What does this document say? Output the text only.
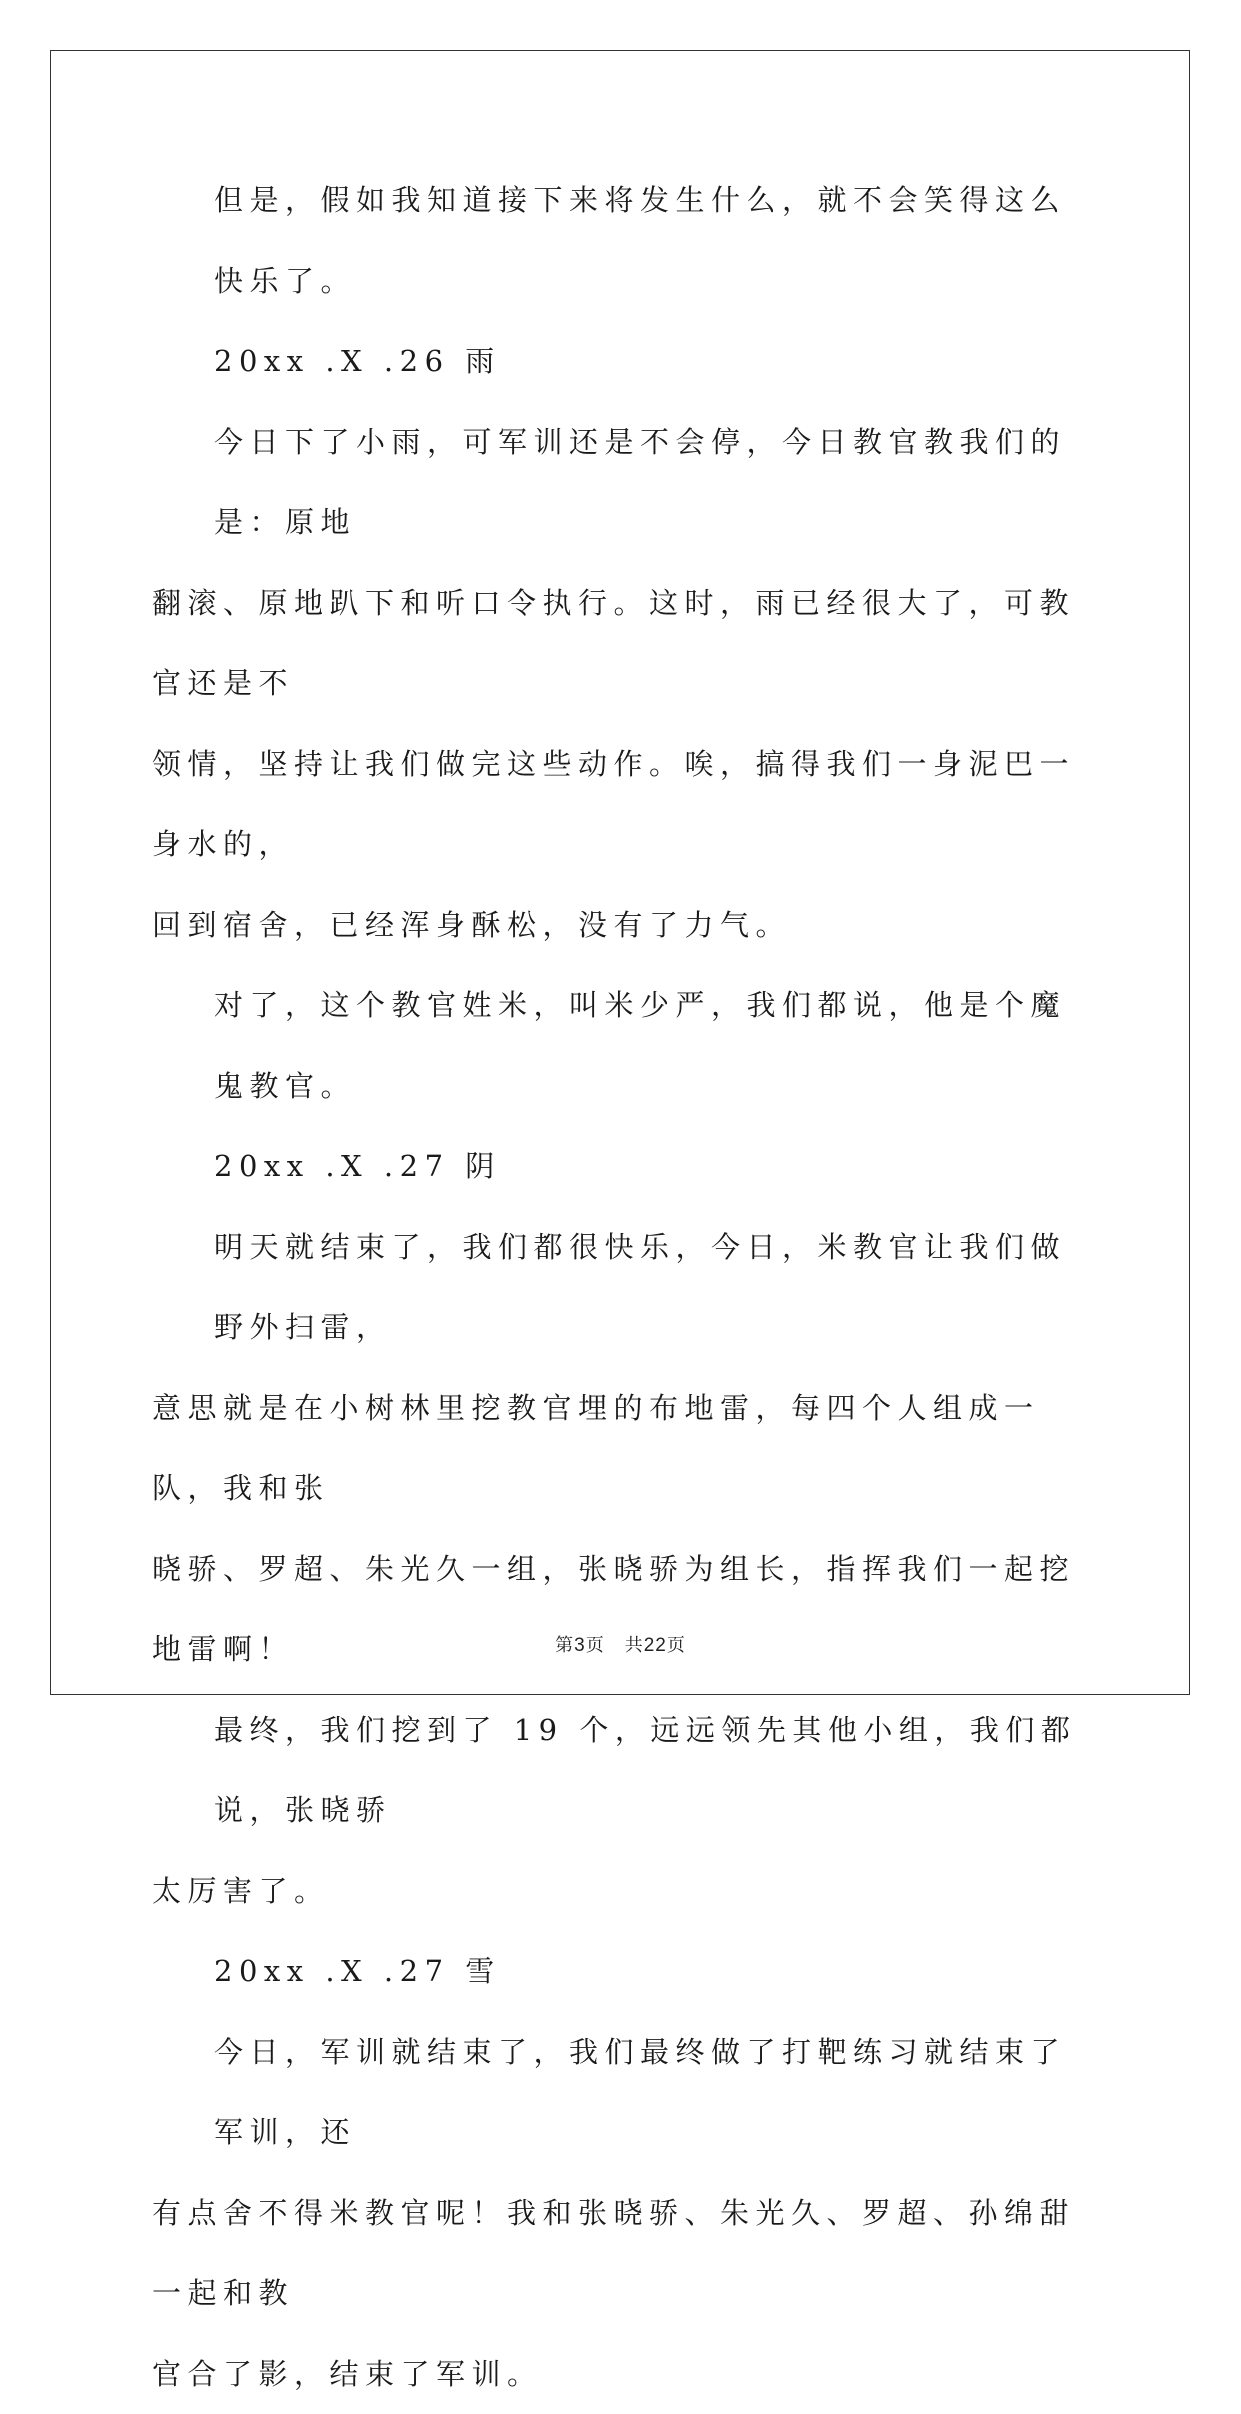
但是，假如我知道接下来将发生什么，就不会笑得这么快乐了。
20xx .X .26 雨
今日下了小雨，可军训还是不会停，今日教官教我们的是：原地
翻滚、原地趴下和听口令执行。这时，雨已经很大了，可教官还是不
领情，坚持让我们做完这些动作。唉，搞得我们一身泥巴一身水的，
回到宿舍，已经浑身酥松，没有了力气。
对了，这个教官姓米，叫米少严，我们都说，他是个魔鬼教官。
20xx .X .27 阴
明天就结束了，我们都很快乐，今日，米教官让我们做野外扫雷，
意思就是在小树林里挖教官埋的布地雷，每四个人组成一队，我和张
晓骄、罗超、朱光久一组，张晓骄为组长，指挥我们一起挖地雷啊！
最终，我们挖到了 19 个，远远领先其他小组，我们都说，张晓骄
太厉害了。
20xx .X .27 雪
今日，军训就结束了，我们最终做了打靶练习就结束了军训，还
有点舍不得米教官呢！我和张晓骄、朱光久、罗超、孙绵甜一起和教
官合了影，结束了军训。

第3页 共22页
